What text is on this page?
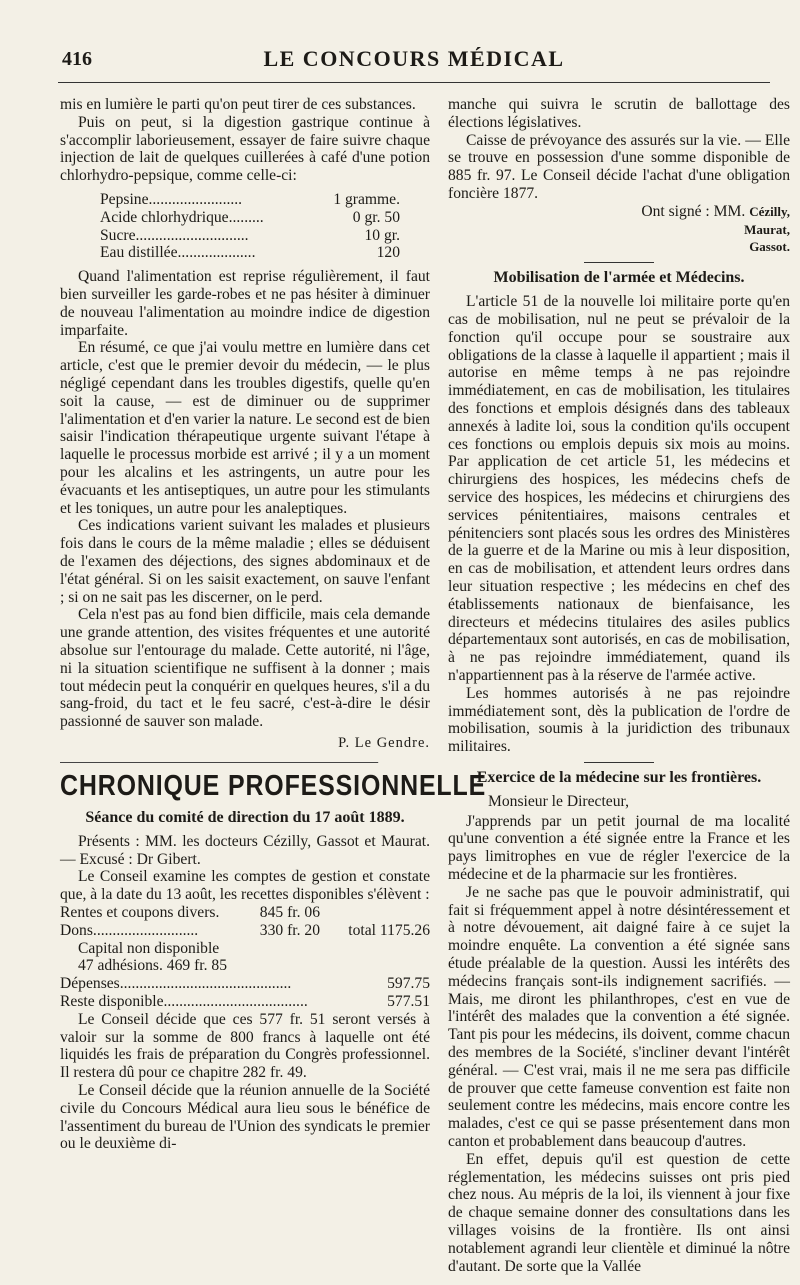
416	LE CONCOURS MÉDICAL

mis en lumière le parti qu'on peut tirer de ces substances.

Puis on peut, si la digestion gastrique continue à s'accomplir laborieusement, essayer de faire suivre chaque injection de lait de quelques cuillerées à café d'une potion chlorhydro-pepsique, comme celle-ci:

Pepsine........................	1 gramme.
Acide chlorhydrique.........	0 gr. 50
Sucre.............................	10 gr.
Eau distillée....................	120

Quand l'alimentation est reprise régulièrement, il faut bien surveiller les garde-robes et ne pas hésiter à diminuer de nouveau l'alimentation au moindre indice de digestion imparfaite.

En résumé, ce que j'ai voulu mettre en lumière dans cet article, c'est que le premier devoir du médecin, — le plus négligé cependant dans les troubles digestifs, quelle qu'en soit la cause, — est de diminuer ou de supprimer l'alimentation et d'en varier la nature. Le second est de bien saisir l'indication thérapeutique urgente suivant l'étape à laquelle le processus morbide est arrivé ; il y a un moment pour les alcalins et les astringents, un autre pour les évacuants et les antiseptiques, un autre pour les stimulants et les toniques, un autre pour les analeptiques.

Ces indications varient suivant les malades et plusieurs fois dans le cours de la même maladie ; elles se déduisent de l'examen des déjections, des signes abdominaux et de l'état général. Si on les saisit exactement, on sauve l'enfant ; si on ne sait pas les discerner, on le perd.

Cela n'est pas au fond bien difficile, mais cela demande une grande attention, des visites fréquentes et une autorité absolue sur l'entourage du malade. Cette autorité, ni l'âge, ni la situation scientifique ne suffisent à la donner ; mais tout médecin peut la conquérir en quelques heures, s'il a du sang-froid, du tact et le feu sacré, c'est-à-dire le désir passionné de sauver son malade.

P. Le Gendre.
CHRONIQUE PROFESSIONNELLE
Séance du comité de direction du 17 août 1889.

Présents : MM. les docteurs Cézilly, Gassot et Maurat. — Excusé : Dr Gibert.

Le Conseil examine les comptes de gestion et constate que, à la date du 13 août, les recettes disponibles s'élèvent :

Rentes et coupons divers.	845 fr. 06
Dons...........................	330 fr. 20	total 1175.26
Capital non disponible
47 adhésions. 469 fr. 85
Dépenses............................................	597.75
Reste disponible.....................................	577.51

Le Conseil décide que ces 577 fr. 51 seront versés à valoir sur la somme de 800 francs à laquelle ont été liquidés les frais de préparation du Congrès professionnel. Il restera dû pour ce chapitre 282 fr. 49.

Le Conseil décide que la réunion annuelle de la Société civile du Concours Médical aura lieu sous le bénéfice de l'assentiment du bureau de l'Union des syndicats le premier ou le deuxième di-

manche qui suivra le scrutin de ballottage des élections législatives.

Caisse de prévoyance des assurés sur la vie. — Elle se trouve en possession d'une somme disponible de 885 fr. 97. Le Conseil décide l'achat d'une obligation foncière 1877.

Ont signé : MM. Cézilly,
Maurat,
Gassot.
Mobilisation de l'armée et Médecins.

L'article 51 de la nouvelle loi militaire porte qu'en cas de mobilisation, nul ne peut se prévaloir de la fonction qu'il occupe pour se soustraire aux obligations de la classe à laquelle il appartient ; mais il autorise en même temps à ne pas rejoindre immédiatement, en cas de mobilisation, les titulaires des fonctions et emplois désignés dans des tableaux annexés à ladite loi, sous la condition qu'ils occupent ces fonctions ou emplois depuis six mois au moins. Par application de cet article 51, les médecins et chirurgiens des hospices, les médecins chefs de service des hospices, les médecins et chirurgiens des services pénitentiaires, maisons centrales et pénitenciers sont placés sous les ordres des Ministères de la guerre et de la Marine ou mis à leur disposition, en cas de mobilisation, et attendent leurs ordres dans leur situation respective ; les médecins en chef des établissements nationaux de bienfaisance, les directeurs et médecins titulaires des asiles publics départementaux sont autorisés, en cas de mobilisation, à ne pas rejoindre immédiatement, quand ils n'appartiennent pas à la réserve de l'armée active.

Les hommes autorisés à ne pas rejoindre immédiatement sont, dès la publication de l'ordre de mobilisation, soumis à la juridiction des tribunaux militaires.

Exercice de la médecine sur les frontières.

Monsieur le Directeur,

J'apprends par un petit journal de ma localité qu'une convention a été signée entre la France et les pays limitrophes en vue de régler l'exercice de la médecine et de la pharmacie sur les frontières.

Je ne sache pas que le pouvoir administratif, qui fait si fréquemment appel à notre désintéressement et à notre dévouement, ait daigné faire à ce sujet la moindre enquête. La convention a été signée sans étude préalable de la question. Aussi les intérêts des médecins français sont-ils indignement sacrifiés. — Mais, me diront les philanthropes, c'est en vue de l'intérêt des malades que la convention a été signée. Tant pis pour les médecins, ils doivent, comme chacun des membres de la Société, s'incliner devant l'intérêt général. — C'est vrai, mais il ne me sera pas difficile de prouver que cette fameuse convention est faite non seulement contre les médecins, mais encore contre les malades, c'est ce qui se passe présentement dans mon canton et probablement dans beaucoup d'autres.

En effet, depuis qu'il est question de cette réglementation, les médecins suisses ont pris pied chez nous. Au mépris de la loi, ils viennent à jour fixe de chaque semaine donner des consultations dans les villages voisins de la frontière. Ils ont ainsi notablement agrandi leur clientèle et diminué la nôtre d'autant. De sorte que la Vallée
